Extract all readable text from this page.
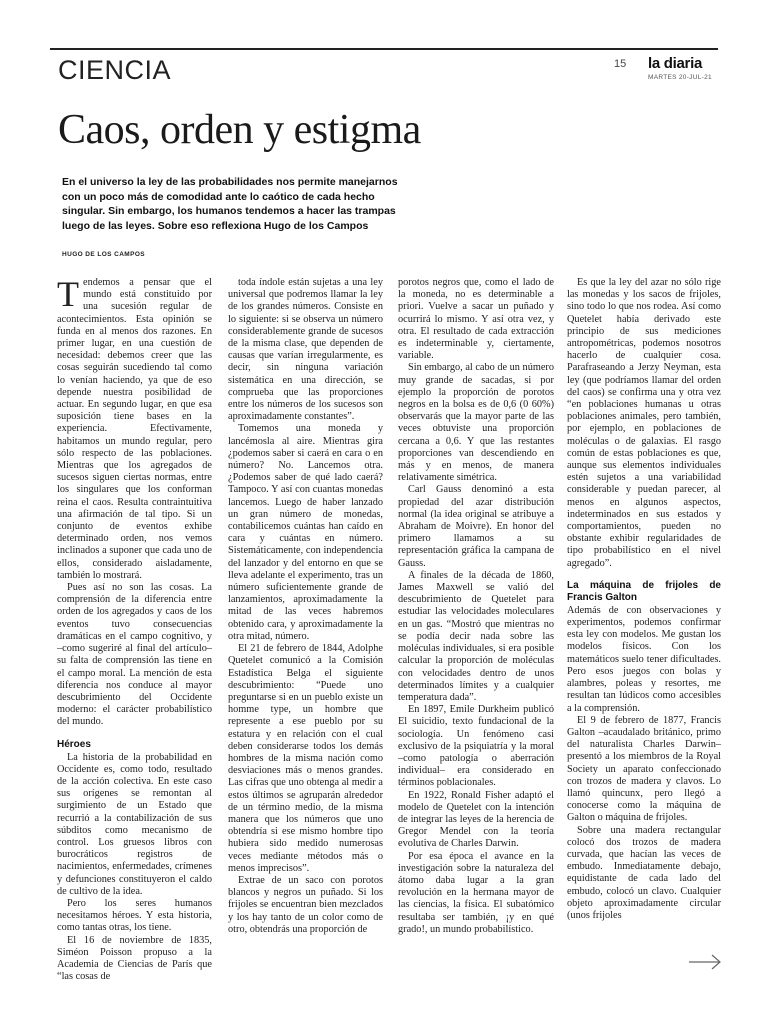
CIENCIA	15 la diaria
MARTES 20-JUL-21
Caos, orden y estigma

En el universo la ley de las probabilidades nos permite manejarnos con un poco más de comodidad ante lo caótico de cada hecho singular. Sin embargo, los humanos tendemos a hacer las trampas luego de las leyes. Sobre eso reflexiona Hugo de los Campos

HUGO DE LOS CAMPOS

Tendemos a pensar que el mundo está constituido por una sucesión regular de acontecimientos. Esta opinión se funda en al menos dos razones. En primer lugar, en una cuestión de necesidad: debemos creer que las cosas seguirán sucediendo tal como lo venían haciendo, ya que de eso depende nuestra posibilidad de actuar. En segundo lugar, en que esa suposición tiene bases en la experiencia. Efectivamente, habitamos un mundo regular, pero sólo respecto de las poblaciones. Mientras que los agregados de sucesos siguen ciertas normas, entre los singulares que los conforman reina el caos. Resulta contraintuitiva una afirmación de tal tipo. Si un conjunto de eventos exhibe determinado orden, nos vemos inclinados a suponer que cada uno de ellos, considerado aisladamente, también lo mostrará.

Pues así no son las cosas. La comprensión de la diferencia entre orden de los agregados y caos de los eventos tuvo consecuencias dramáticas en el campo cognitivo, y –como sugeriré al final del artículo– su falta de comprensión las tiene en el campo moral. La mención de esta diferencia nos conduce al mayor descubrimiento del Occidente moderno: el carácter probabilístico del mundo.

Héroes

La historia de la probabilidad en Occidente es, como todo, resultado de la acción colectiva. En este caso sus orígenes se remontan al surgimiento de un Estado que recurrió a la contabilización de sus súbditos como mecanismo de control. Los gruesos libros con burocráticos registros de nacimientos, enfermedades, crímenes y defunciones constituyeron el caldo de cultivo de la idea.

Pero los seres humanos necesitamos héroes. Y esta historia, como tantas otras, los tiene.

El 16 de noviembre de 1835, Siméon Poisson propuso a la Academia de Ciencias de París que “las cosas de

toda índole están sujetas a una ley universal que podremos llamar la ley de los grandes números. Consiste en lo siguiente: si se observa un número considerablemente grande de sucesos de la misma clase, que dependen de causas que varían irregularmente, es decir, sin ninguna variación sistemática en una dirección, se comprueba que las proporciones entre los números de los sucesos son aproximadamente constantes”.

Tomemos una moneda y lancémosla al aire. Mientras gira ¿podemos saber si caerá en cara o en número? No. Lancemos otra. ¿Podemos saber de qué lado caerá? Tampoco. Y así con cuantas monedas lancemos. Luego de haber lanzado un gran número de monedas, contabilicemos cuántas han caído en cara y cuántas en número. Sistemáticamente, con independencia del lanzador y del entorno en que se lleva adelante el experimento, tras un número suficientemente grande de lanzamientos, aproximadamente la mitad de las veces habremos obtenido cara, y aproximadamente la otra mitad, número.

El 21 de febrero de 1844, Adolphe Quetelet comunicó a la Comisión Estadística Belga el siguiente descubrimiento: “Puede uno preguntarse si en un pueblo existe un homme type, un hombre que represente a ese pueblo por su estatura y en relación con el cual deben considerarse todos los demás hombres de la misma nación como desviaciones más o menos grandes. Las cifras que uno obtenga al medir a estos últimos se agruparán alrededor de un término medio, de la misma manera que los números que uno obtendría si ese mismo hombre tipo hubiera sido medido numerosas veces mediante métodos más o menos imprecisos”.

Extrae de un saco con porotos blancos y negros un puñado. Si los frijoles se encuentran bien mezclados y los hay tanto de un color como de otro, obtendrás una proporción de

porotos negros que, como el lado de la moneda, no es determinable a priori. Vuelve a sacar un puñado y ocurrirá lo mismo. Y así otra vez, y otra. El resultado de cada extracción es indeterminable y, ciertamente, variable.

Sin embargo, al cabo de un número muy grande de sacadas, si por ejemplo la proporción de porotos negros en la bolsa es de 0,6 (0 60%) observarás que la mayor parte de las veces obtuviste una proporción cercana a 0,6. Y que las restantes proporciones van descendiendo en más y en menos, de manera relativamente simétrica.

Carl Gauss denominó a esta propiedad del azar distribución normal (la idea original se atribuye a Abraham de Moivre). En honor del primero llamamos a su representación gráfica la campana de Gauss.

A finales de la década de 1860, James Maxwell se valió del descubrimiento de Quetelet para estudiar las velocidades moleculares en un gas. “Mostró que mientras no se podía decir nada sobre las moléculas individuales, si era posible calcular la proporción de moléculas con velocidades dentro de unos determinados límites y a cualquier temperatura dada”.

En 1897, Emile Durkheim publicó El suicidio, texto fundacional de la sociología. Un fenómeno casi exclusivo de la psiquiatría y la moral –como patología o aberración individual– era considerado en términos poblacionales.

En 1922, Ronald Fisher adaptó el modelo de Quetelet con la intención de integrar las leyes de la herencia de Gregor Mendel con la teoría evolutiva de Charles Darwin.

Por esa época el avance en la investigación sobre la naturaleza del átomo daba lugar a la gran revolución en la hermana mayor de las ciencias, la física. El subatómico resultaba ser también, ¡y en qué grado!, un mundo probabilístico.

Es que la ley del azar no sólo rige las monedas y los sacos de frijoles, sino todo lo que nos rodea. Así como Quetelet había derivado este principio de sus mediciones antropométricas, podemos nosotros hacerlo de cualquier cosa. Parafraseando a Jerzy Neyman, esta ley (que podríamos llamar del orden del caos) se confirma una y otra vez “en poblaciones humanas u otras poblaciones animales, pero también, por ejemplo, en poblaciones de moléculas o de galaxias. El rasgo común de estas poblaciones es que, aunque sus elementos individuales estén sujetos a una variabilidad considerable y puedan parecer, al menos en algunos aspectos, indeterminados en sus estados y comportamientos, pueden no obstante exhibir regularidades de tipo probabilístico en el nivel agregado”.

La máquina de frijoles de Francis Galton

Además de con observaciones y experimentos, podemos confirmar esta ley con modelos. Me gustan los modelos físicos. Con los matemáticos suelo tener dificultades. Pero esos juegos con bolas y alambres, poleas y resortes, me resultan tan lúdicos como accesibles a la comprensión.

El 9 de febrero de 1877, Francis Galton –acaudalado británico, primo del naturalista Charles Darwin– presentó a los miembros de la Royal Society un aparato confeccionado con trozos de madera y clavos. Lo llamó quincunx, pero llegó a conocerse como la máquina de Galton o máquina de frijoles.

Sobre una madera rectangular colocó dos trozos de madera curvada, que hacían las veces de embudo. Inmediatamente debajo, equidistante de cada lado del embudo, colocó un clavo. Cualquier objeto aproximadamente circular (unos frijoles
